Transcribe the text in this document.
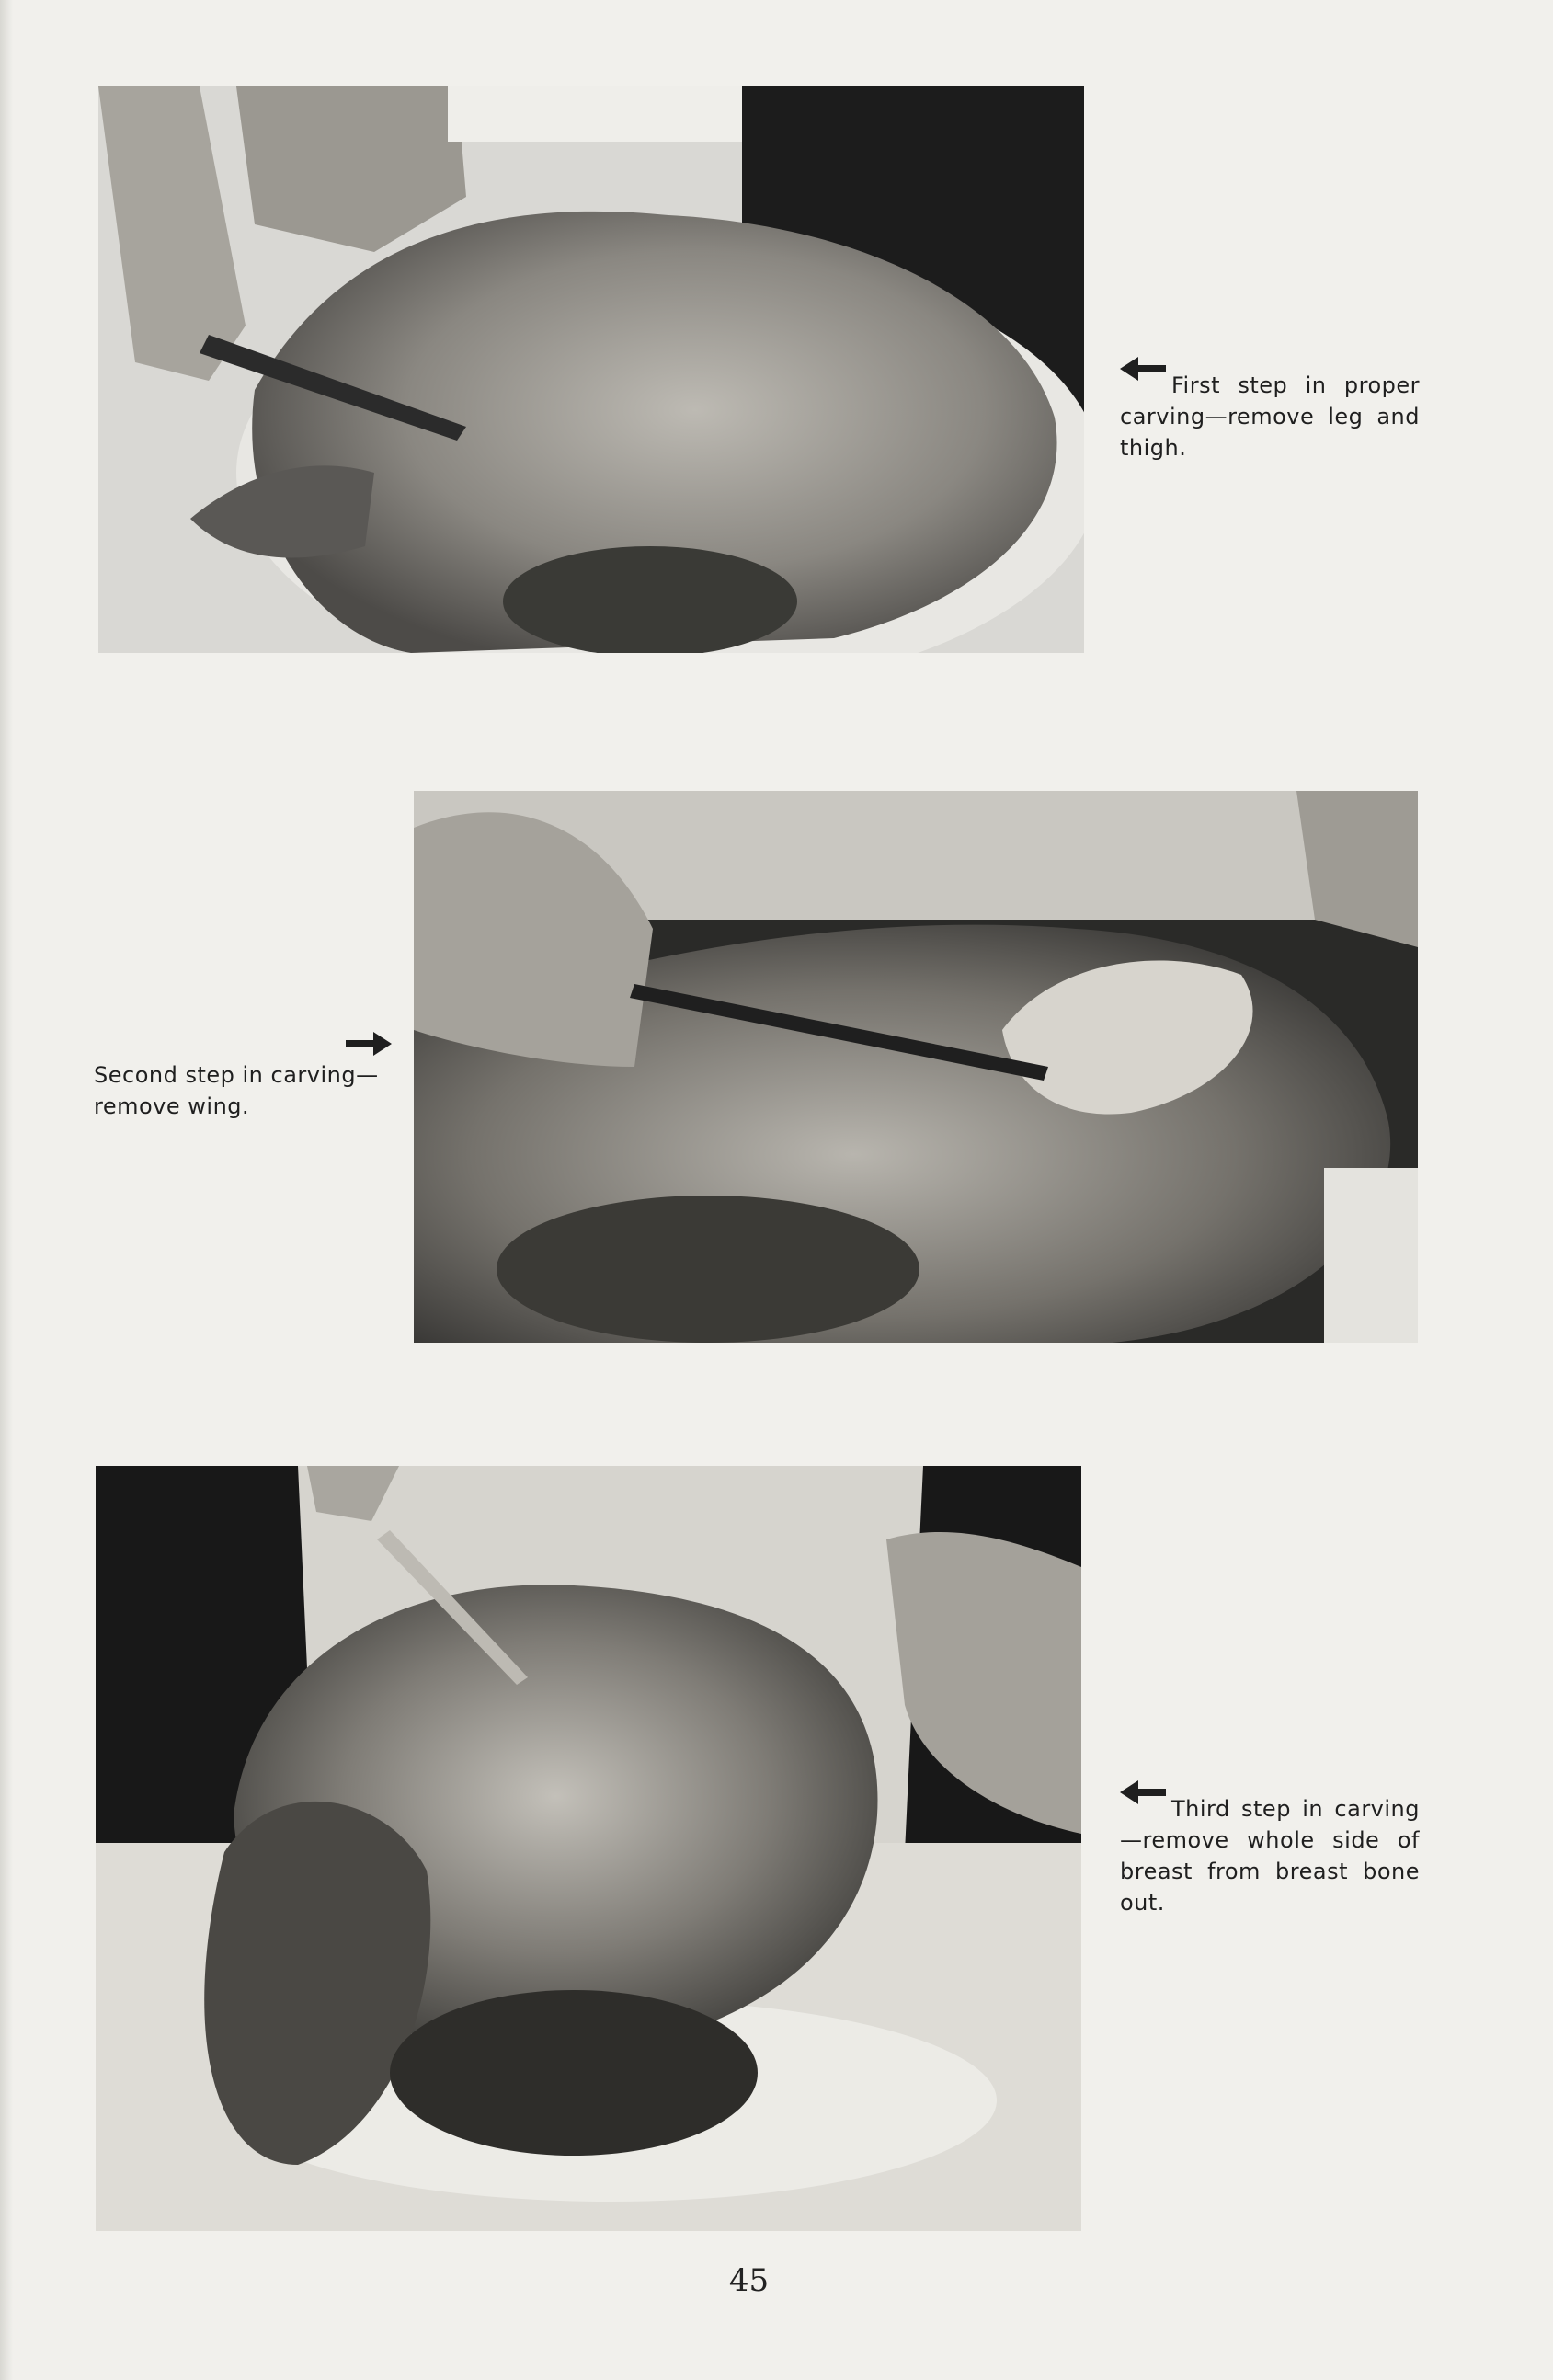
First step in proper carving—remove leg and thigh.
Second step in carving—remove wing.
Third step in carving —remove whole side of breast from breast bone out.
45
